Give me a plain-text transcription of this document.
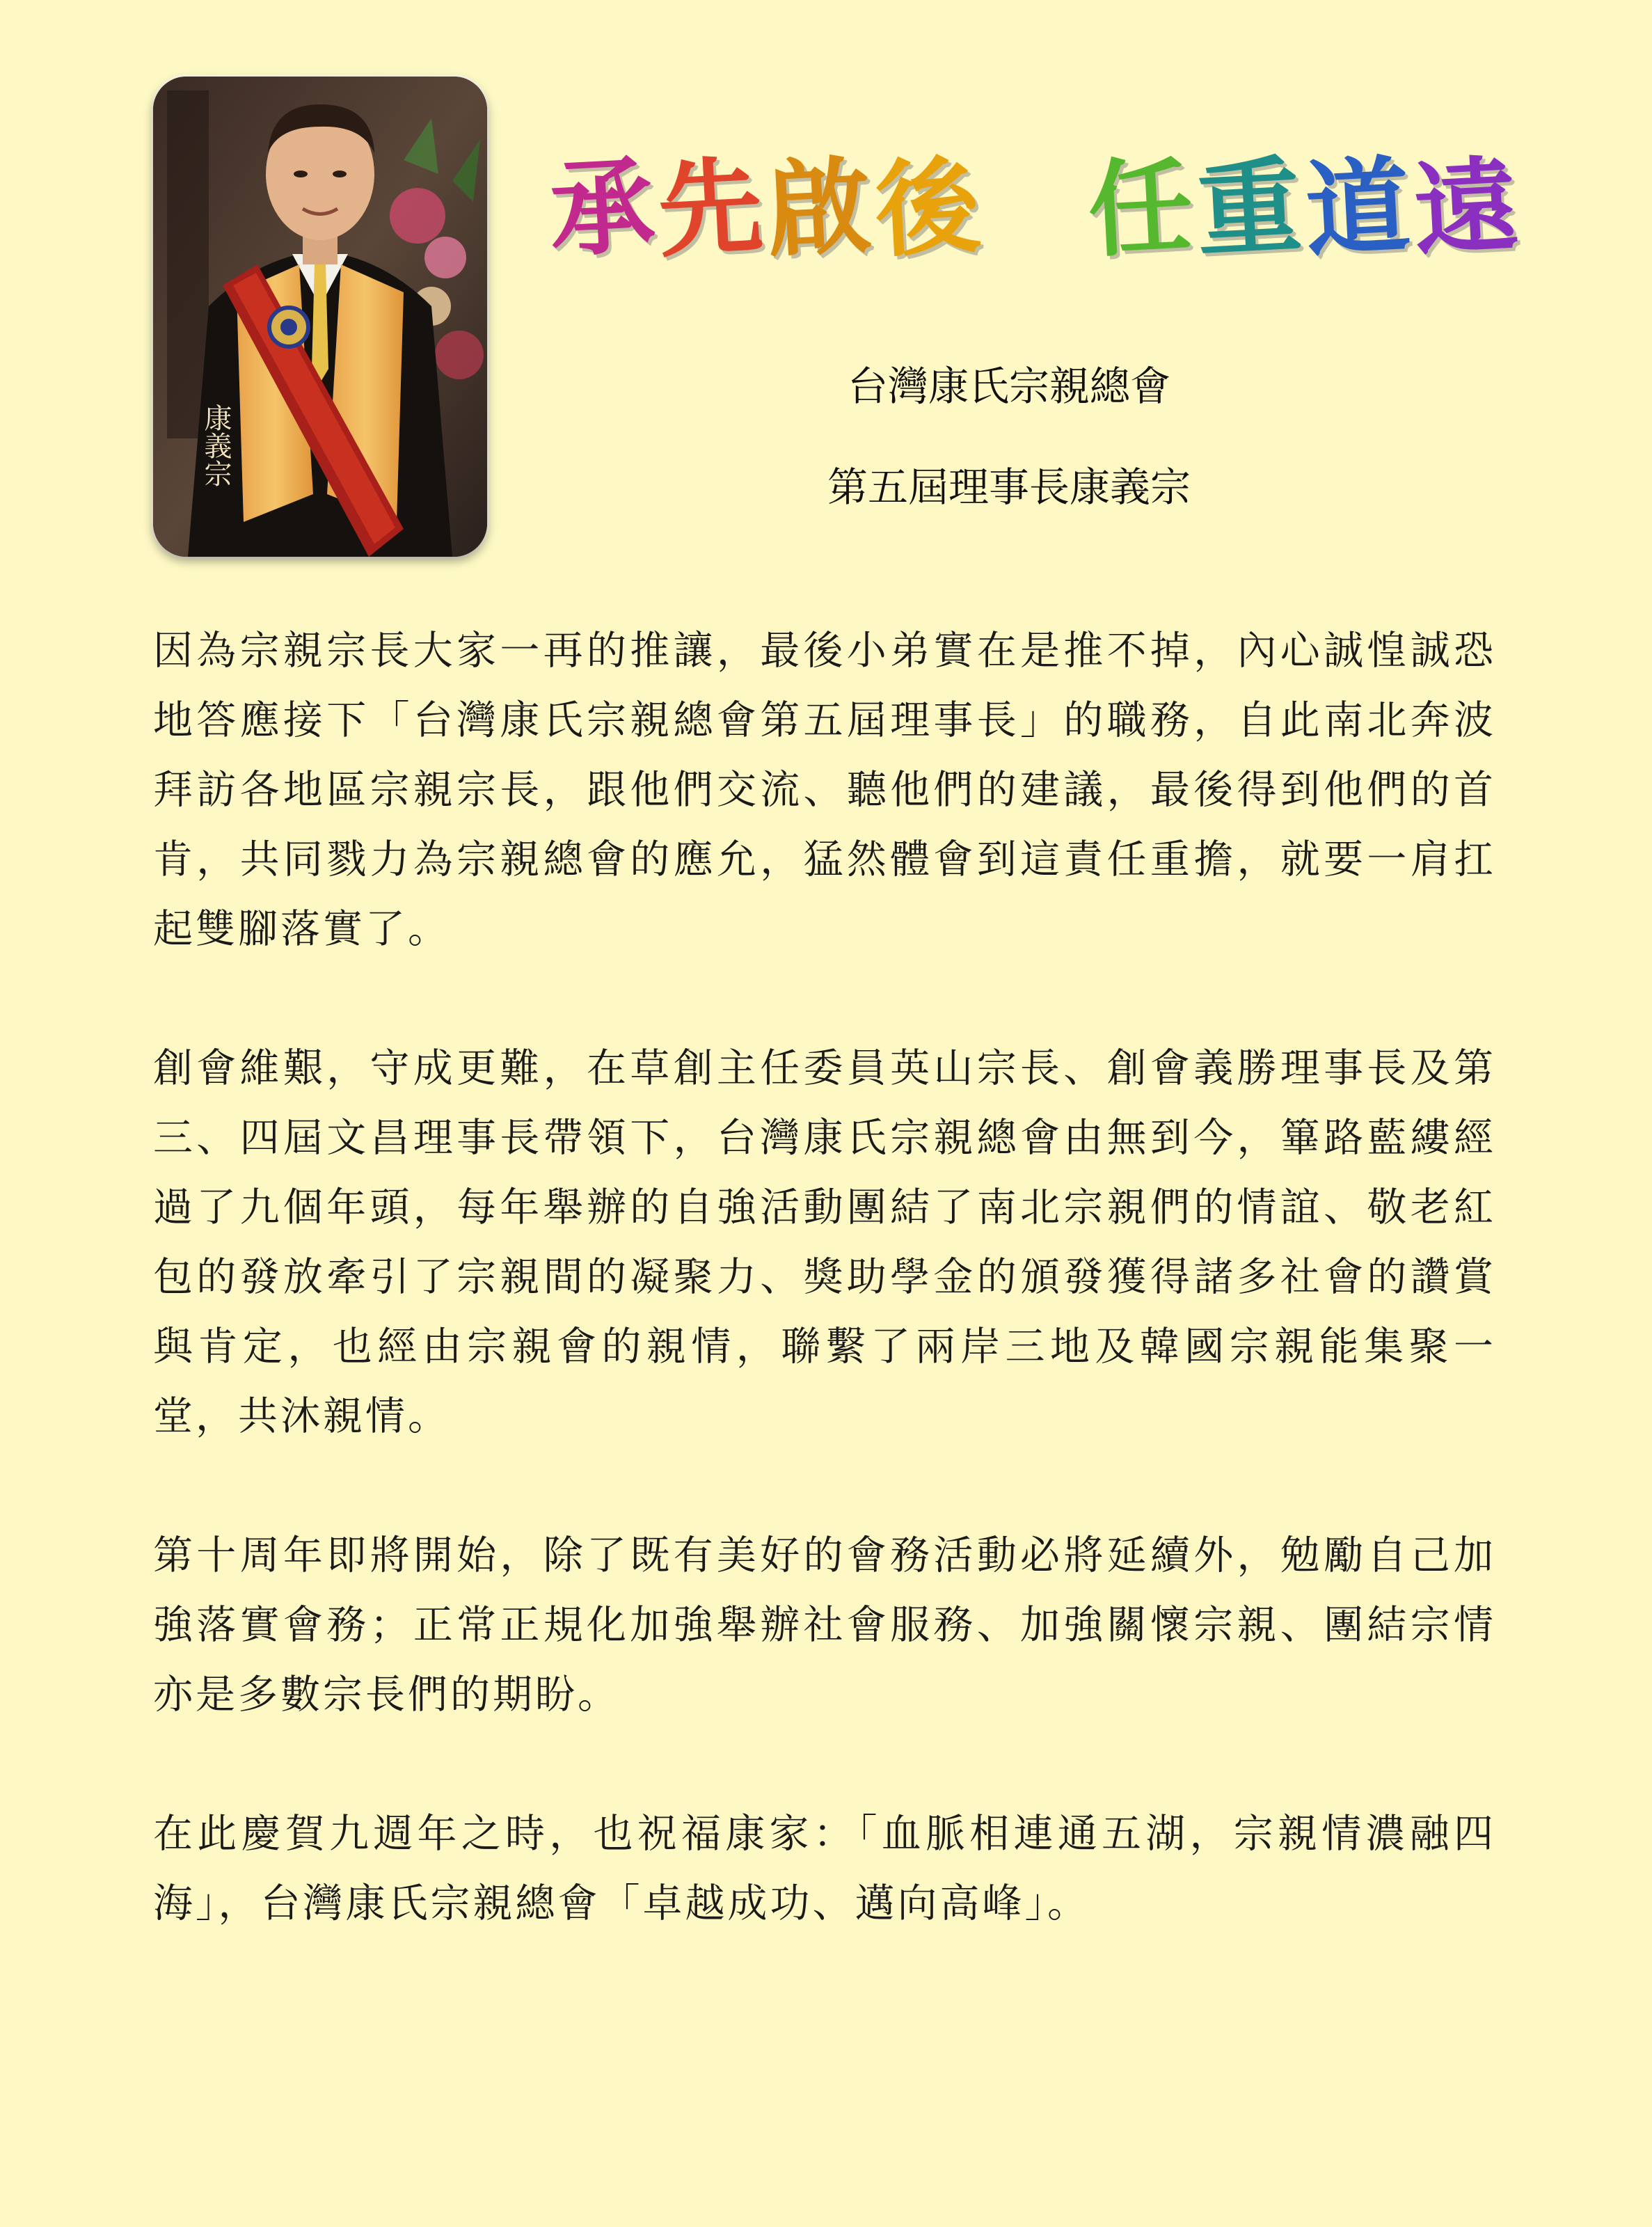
康義宗
承先啟後 任重道遠
台灣康氏宗親總會
第五屆理事長康義宗

因為宗親宗長大家一再的推讓，最後小弟實在是推不掉，內心誠惶誠恐地答應接下「台灣康氏宗親總會第五屆理事長」的職務，自此南北奔波拜訪各地區宗親宗長，跟他們交流、聽他們的建議，最後得到他們的首肯，共同戮力為宗親總會的應允，猛然體會到這責任重擔，就要一肩扛起雙腳落實了。

創會維艱，守成更難，在草創主任委員英山宗長、創會義勝理事長及第三、四屆文昌理事長帶領下，台灣康氏宗親總會由無到今，篳路藍縷經過了九個年頭，每年舉辦的自強活動團結了南北宗親們的情誼、敬老紅包的發放牽引了宗親間的凝聚力、獎助學金的頒發獲得諸多社會的讚賞與肯定，也經由宗親會的親情，聯繫了兩岸三地及韓國宗親能集聚一堂，共沐親情。

第十周年即將開始，除了既有美好的會務活動必將延續外，勉勵自己加強落實會務；正常正規化加強舉辦社會服務、加強關懷宗親、團結宗情亦是多數宗長們的期盼。

在此慶賀九週年之時，也祝福康家：「血脈相連通五湖，宗親情濃融四海」，台灣康氏宗親總會「卓越成功、邁向高峰」。
